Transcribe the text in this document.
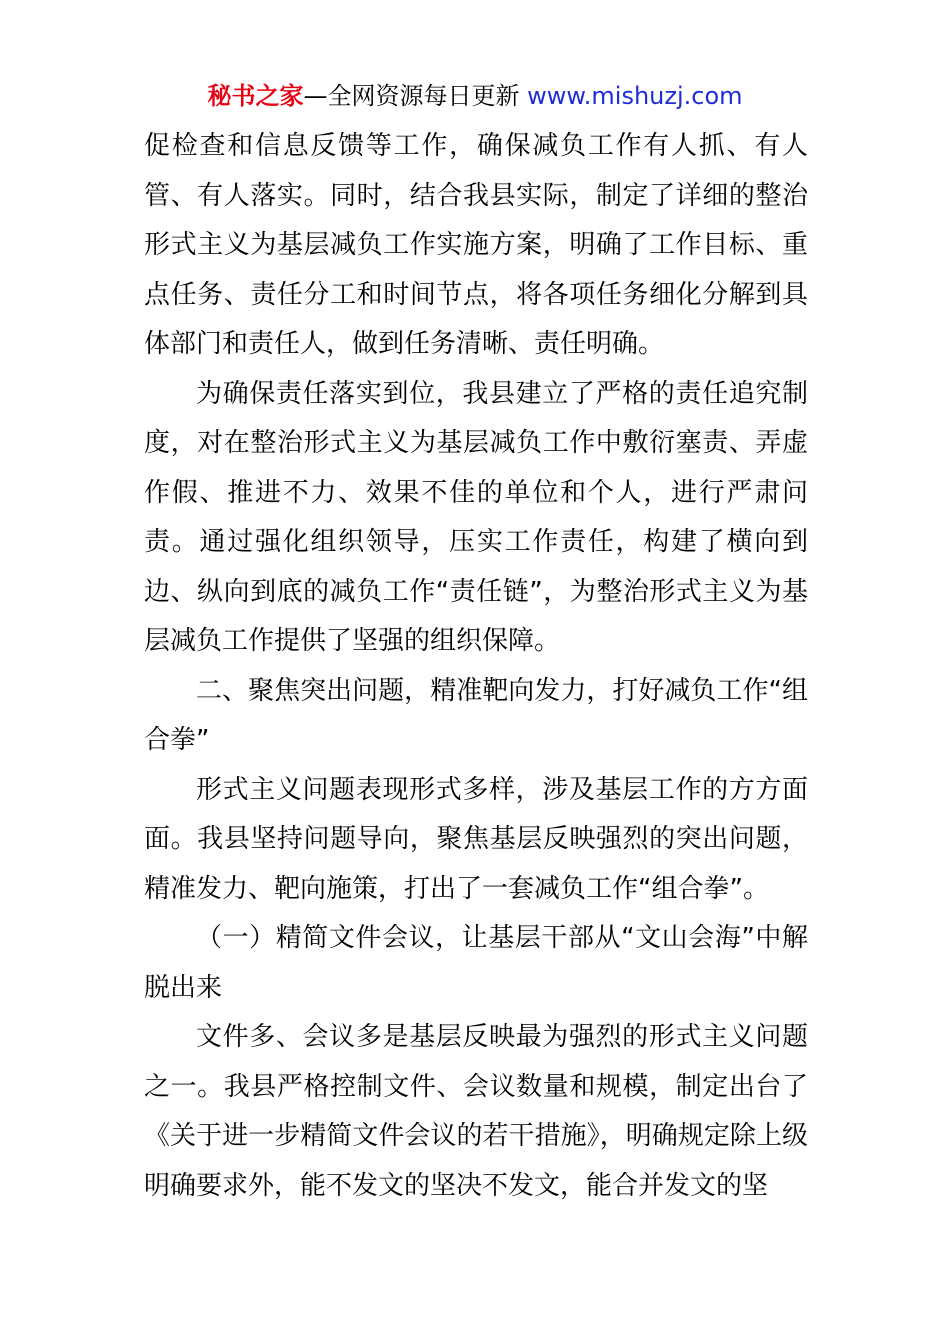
秘书之家—全网资源每日更新 www.mishuzj.com

促检查和信息反馈等工作，确保减负工作有人抓、有人管、有人落实。同时，结合我县实际，制定了详细的整治形式主义为基层减负工作实施方案，明确了工作目标、重点任务、责任分工和时间节点，将各项任务细化分解到具体部门和责任人，做到任务清晰、责任明确。

为确保责任落实到位，我县建立了严格的责任追究制度，对在整治形式主义为基层减负工作中敷衍塞责、弄虚作假、推进不力、效果不佳的单位和个人，进行严肃问责。通过强化组织领导，压实工作责任，构建了横向到边、纵向到底的减负工作“责任链”，为整治形式主义为基层减负工作提供了坚强的组织保障。

二、聚焦突出问题，精准靶向发力，打好减负工作“组合拳”

形式主义问题表现形式多样，涉及基层工作的方方面面。我县坚持问题导向，聚焦基层反映强烈的突出问题，精准发力、靶向施策，打出了一套减负工作“组合拳”。

（一）精简文件会议，让基层干部从“文山会海”中解脱出来

文件多、会议多是基层反映最为强烈的形式主义问题之一。我县严格控制文件、会议数量和规模，制定出台了《关于进一步精简文件会议的若干措施》，明确规定除上级明确要求外，能不发文的坚决不发文，能合并发文的坚
